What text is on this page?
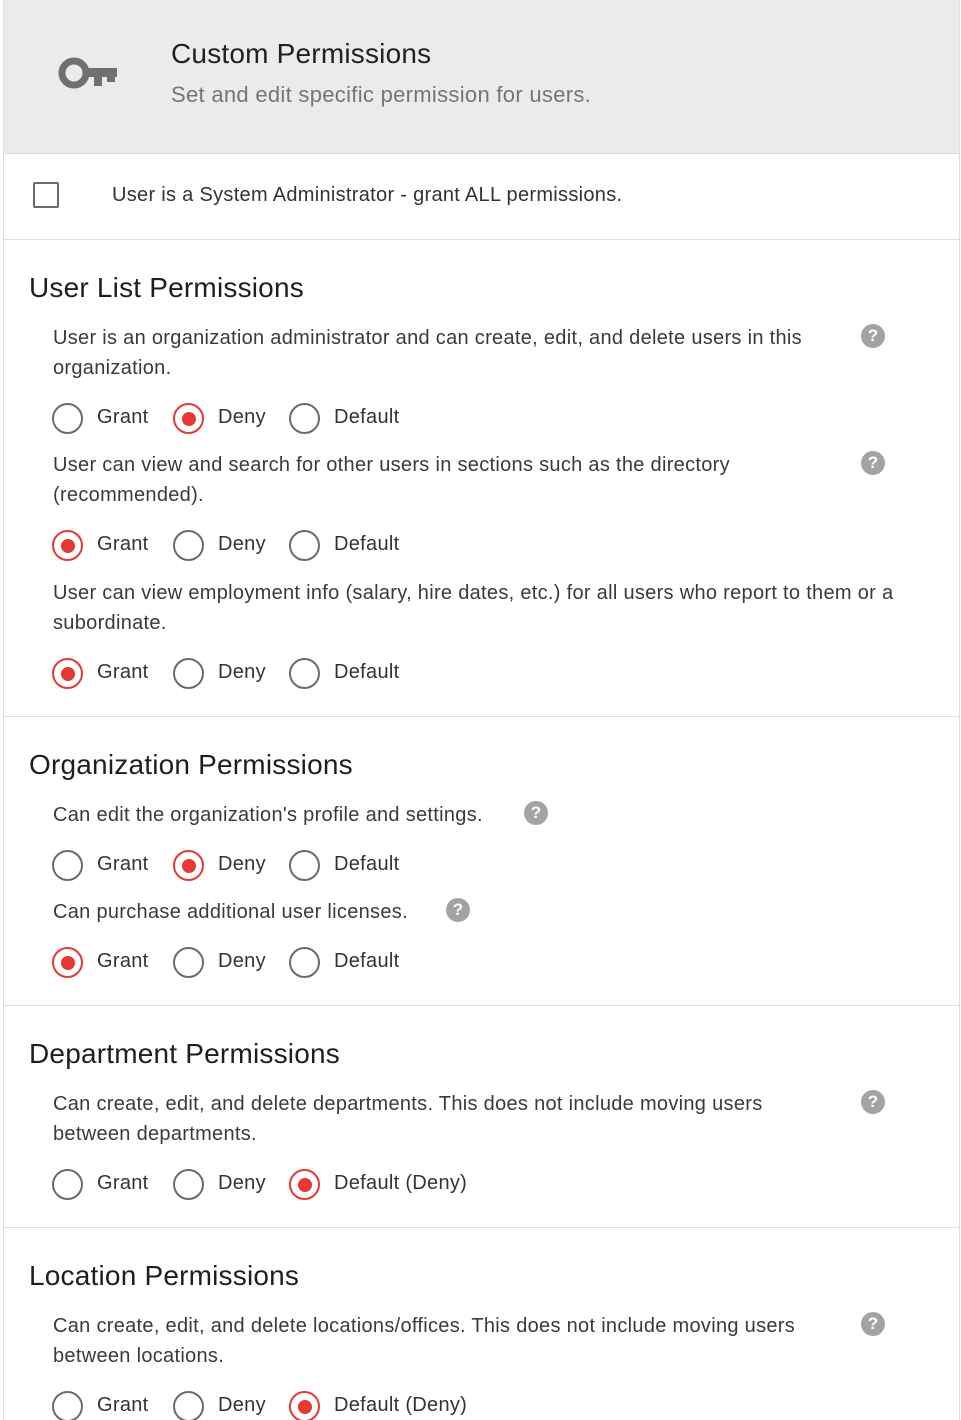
Custom Permissions
Set and edit specific permission for users.
User is a System Administrator - grant ALL permissions.
User List Permissions
User is an organization administrator and can create, edit, and delete users in this organization.
?
Grant	Deny	Default
User can view and search for other users in sections such as the directory (recommended).
?
Grant	Deny	Default
User can view employment info (salary, hire dates, etc.) for all users who report to them or a subordinate.
Grant	Deny	Default
Organization Permissions
Can edit the organization's profile and settings.	?
Grant	Deny	Default
Can purchase additional user licenses.	?
Grant	Deny	Default
Department Permissions
Can create, edit, and delete departments. This does not include moving users between departments.
?
Grant	Deny	Default (Deny)
Location Permissions
Can create, edit, and delete locations/offices. This does not include moving users between locations.
?
Grant	Deny	Default (Deny)
